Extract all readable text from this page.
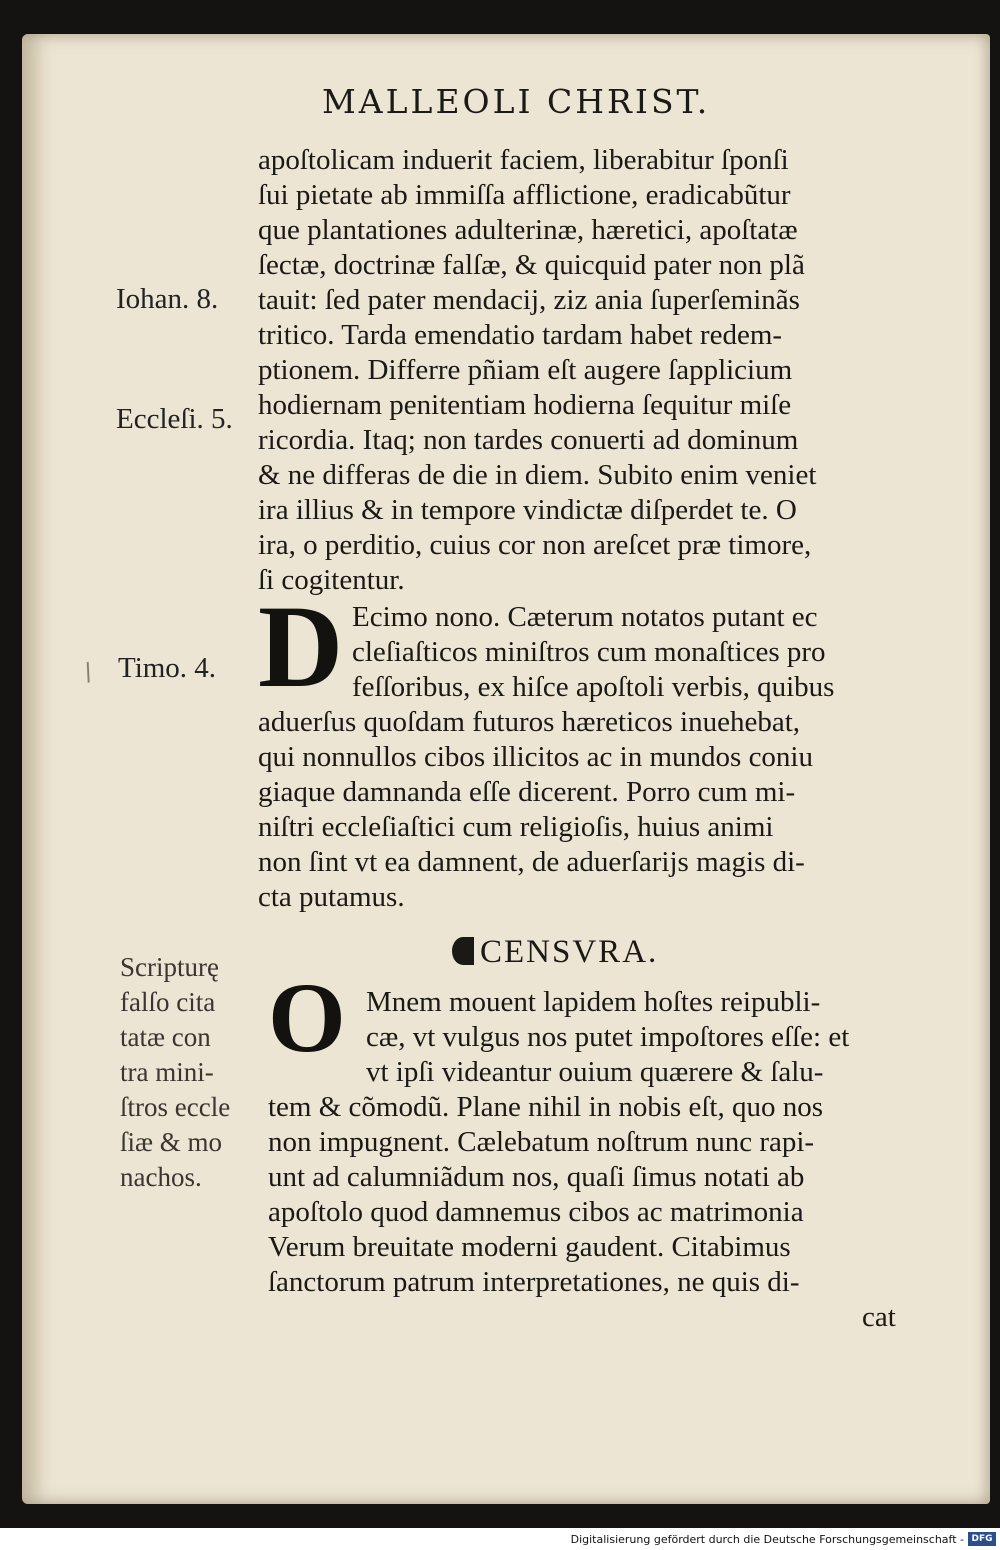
MALLEOLI CHRIST.

apoſtolicam induerit faciem, liberabitur ſponſi

ſui pietate ab immiſſa afflictione, eradicabũtur

que plantationes adulterinæ, hæretici, apoſtatæ

ſectæ, doctrinæ falſæ, & quicquid pater non plã

tauit: ſed pater mendacij, ziz ania ſuperſeminãs

tritico. Tarda emendatio tardam habet redem-

ptionem. Differre pñiam eſt augere ſapplicium

hodiernam penitentiam hodierna ſequitur miſe

ricordia. Itaq; non tardes conuerti ad dominum

& ne differas de die in diem. Subito enim veniet

ira illius & in tempore vindictæ diſperdet te. O

ira, o perditio, cuius cor non areſcet præ timore,

ſi cogitentur.

Iohan. 8.

Eccleſi. 5.

/ Timo. 4. D Ecimo nono. Cæterum notatos putant ec

cleſiaſticos miniſtros cum monaſtices pro

feſſoribus, ex hiſce apoſtoli verbis, quibus

aduerſus quoſdam futuros hæreticos inuehebat,

qui nonnullos cibos illicitos ac in mundos coniu

giaque damnanda eſſe dicerent. Porro cum mi-

niſtri eccleſiaſtici cum religioſis, huius animi

non ſint vt ea damnent, de aduerſarijs magis di-

cta putamus.

CENSVRA.
Scripturę
falſo cita
tatæ con
tra mini-
ſtros eccle
ſiæ & mo
nachos.
O Mnem mouent lapidem hoſtes reipubli-

cæ, vt vulgus nos putet impoſtores eſſe: et

vt ipſi videantur ouium quærere & ſalu-

tem & cõmodũ. Plane nihil in nobis eſt, quo nos

non impugnent. Cælebatum noſtrum nunc rapi-

unt ad calumniãdum nos, quaſi ſimus notati ab

apoſtolo quod damnemus cibos ac matrimonia

Verum breuitate moderni gaudent. Citabimus

ſanctorum patrum interpretationes, ne quis di-

cat

Digitalisierung gefördert durch die Deutsche Forschungsgemeinschaft - DFG
